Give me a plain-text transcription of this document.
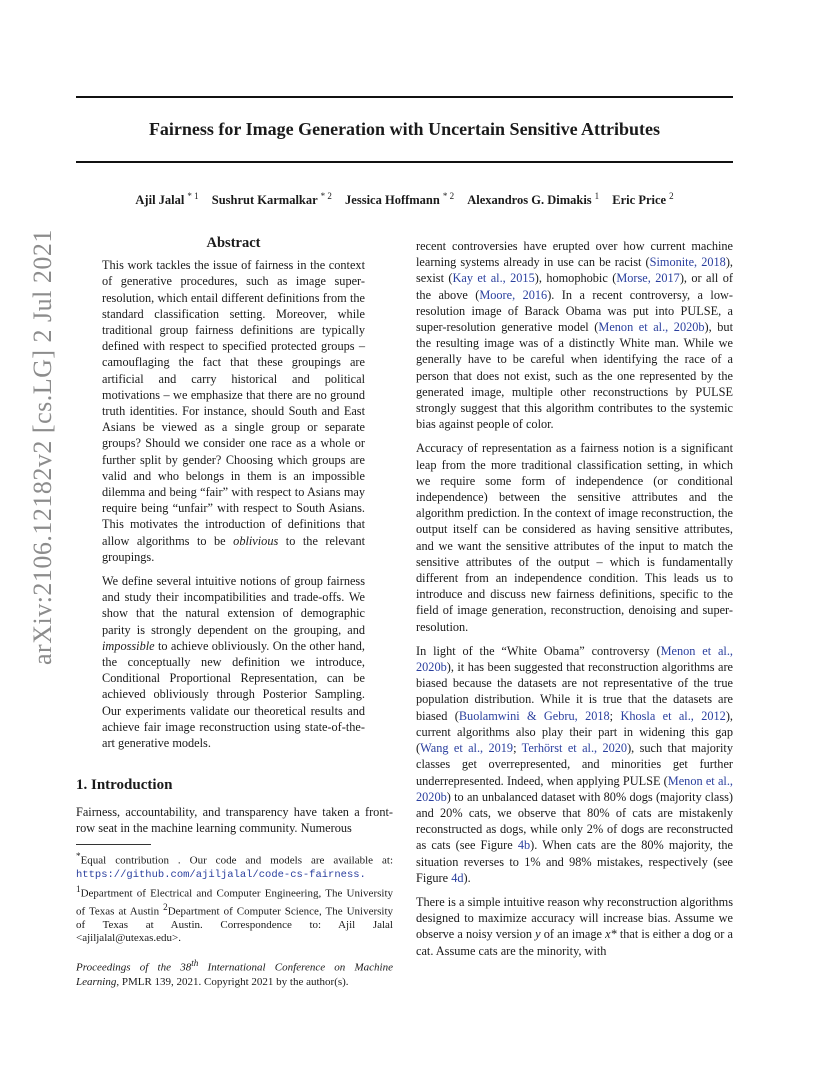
Fairness for Image Generation with Uncertain Sensitive Attributes
Ajil Jalal $^{* 1}$ Sushrut Karmalkar $^{* 2}$ Jessica Hoffmann $^{* 2}$ Alexandros G. Dimakis $^1$ Eric Price $^2$
arXiv:2106.12182v2 [cs.LG] 2 Jul 2021	Abstract

This work tackles the issue of fairness in the context of generative procedures, such as image super-resolution, which entail different definitions from the standard classification setting. Moreover, while traditional group fairness definitions are typically defined with respect to specified protected groups – camouflaging the fact that these groupings are artificial and carry historical and political motivations – we emphasize that there are no ground truth identities. For instance, should South and East Asians be viewed as a single group or separate groups? Should we consider one race as a whole or further split by gender? Choosing which groups are valid and who belongs in them is an impossible dilemma and being “fair” with respect to Asians may require being “unfair” with respect to South Asians. This motivates the introduction of definitions that allow algorithms to be oblivious to the relevant groupings.

We define several intuitive notions of group fairness and study their incompatibilities and trade-offs. We show that the natural extension of demographic parity is strongly dependent on the grouping, and impossible to achieve obliviously. On the other hand, the conceptually new definition we introduce, Conditional Proportional Representation, can be achieved obliviously through Posterior Sampling. Our experiments validate our theoretical results and achieve fair image reconstruction using state-of-the-art generative models.

1. Introduction

Fairness, accountability, and transparency have taken a front-row seat in the machine learning community. Numerous

*Equal contribution . Our code and models are available at: https://github.com/ajiljalal/code-cs-fairness. $^1$Department of Electrical and Computer Engineering, The University of Texas at Austin $^2$Department of Computer Science, The University of Texas at Austin. Correspondence to: Ajil Jalal <ajiljalal@utexas.edu>.

Proceedings of the 38th International Conference on Machine Learning, PMLR 139, 2021. Copyright 2021 by the author(s).

recent controversies have erupted over how current machine learning systems already in use can be racist (Simonite, 2018), sexist (Kay et al., 2015), homophobic (Morse, 2017), or all of the above (Moore, 2016). In a recent controversy, a low-resolution image of Barack Obama was put into PULSE, a super-resolution generative model (Menon et al., 2020b), but the resulting image was of a distinctly White man. While we generally have to be careful when identifying the race of a person that does not exist, such as the one represented by the generated image, multiple other reconstructions by PULSE strongly suggest that this algorithm contributes to the systemic bias against people of color.

Accuracy of representation as a fairness notion is a significant leap from the more traditional classification setting, in which we require some form of independence (or conditional independence) between the sensitive attributes and the algorithm prediction. In the context of image reconstruction, the output itself can be considered as having sensitive attributes, and we want the sensitive attributes of the input to match the sensitive attributes of the output – which is fundamentally different from an independence condition. This leads us to introduce and discuss new fairness definitions, specific to the field of image generation, reconstruction, denoising and super-resolution.

In light of the “White Obama” controversy (Menon et al., 2020b), it has been suggested that reconstruction algorithms are biased because the datasets are not representative of the true population distribution. While it is true that the datasets are biased (Buolamwini & Gebru, 2018; Khosla et al., 2012), current algorithms also play their part in widening this gap (Wang et al., 2019; Terhörst et al., 2020), such that majority classes get overrepresented, and minorities get further underrepresented. Indeed, when applying PULSE (Menon et al., 2020b) to an unbalanced dataset with 80% dogs (majority class) and 20% cats, we observe that 80% of cats are mistakenly reconstructed as dogs, while only 2% of dogs are reconstructed as cats (see Figure 4b). When cats are the 80% majority, the situation reverses to 1% and 98% mistakes, respectively (see Figure 4d).

There is a simple intuitive reason why reconstruction algorithms designed to maximize accuracy will increase bias. Assume we observe a noisy version y of an image x* that is either a dog or a cat. Assume cats are the minority, with
